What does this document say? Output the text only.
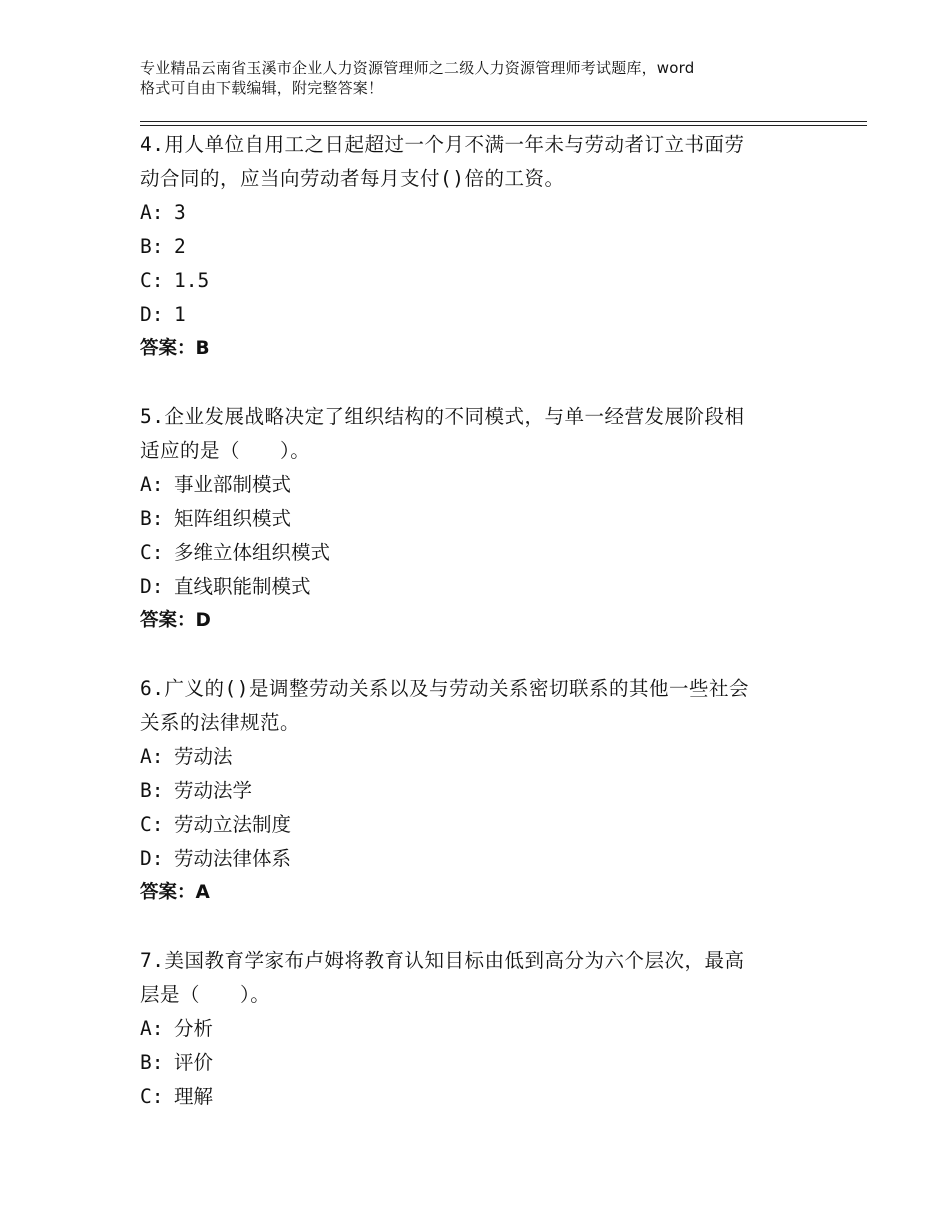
专业精品云南省玉溪市企业人力资源管理师之二级人力资源管理师考试题库，word
格式可自由下载编辑，附完整答案！
4.用人单位自用工之日起超过一个月不满一年未与劳动者订立书面劳
动合同的，应当向劳动者每月支付()倍的工资。
A: 3
B: 2
C: 1.5
D: 1
答案：B
5.企业发展战略决定了组织结构的不同模式，与单一经营发展阶段相
适应的是（　　）。
A: 事业部制模式
B: 矩阵组织模式
C: 多维立体组织模式
D: 直线职能制模式
答案：D
6.广义的()是调整劳动关系以及与劳动关系密切联系的其他一些社会
关系的法律规范。
A: 劳动法
B: 劳动法学
C: 劳动立法制度
D: 劳动法律体系
答案：A
7.美国教育学家布卢姆将教育认知目标由低到高分为六个层次，最高
层是（　　）。
A: 分析
B: 评价
C: 理解
